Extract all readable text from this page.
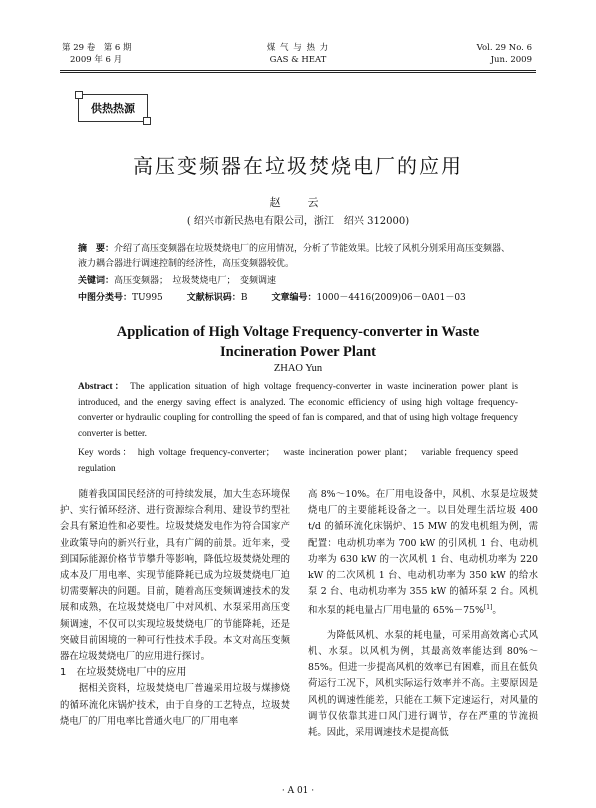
第 29 卷　第 6 期
2009 年 6 月
煤 气 与 热 力
GAS & HEAT
Vol. 29 No. 6
Jun. 2009
供热热源
高压变频器在垃圾焚烧电厂的应用
赵　云
( 绍兴市新民热电有限公司，浙江　绍兴 312000)
摘　要：介绍了高压变频器在垃圾焚烧电厂的应用情况，分析了节能效果。比较了风机分别采用高压变频器、液力耦合器进行调速控制的经济性，高压变频器较优。
关键词：高压变频器；　垃圾焚烧电厂；　变频调速
中图分类号：TU995	文献标识码：B	文章编号：1000－4416(2009)06－0A01－03
Application of High Voltage Frequency-converter in Waste
Incineration Power Plant
ZHAO Yun
Abstract： The application situation of high voltage frequency-converter in waste incineration power plant is introduced, and the energy saving effect is analyzed. The economic efficiency of using high voltage frequency-converter or hydraulic coupling for controlling the speed of fan is compared, and that of using high voltage frequency converter is better.
Key words： high voltage frequency-converter；　waste incineration power plant；　variable frequency speed regulation

随着我国国民经济的可持续发展，加大生态环境保护、实行循环经济、进行资源综合利用、建设节约型社会具有紧迫性和必要性。垃圾焚烧发电作为符合国家产业政策导向的新兴行业，具有广阔的前景。近年来，受到国际能源价格节节攀升等影响，降低垃圾焚烧处理的成本及厂用电率、实现节能降耗已成为垃圾焚烧电厂迫切需要解决的问题。目前，随着高压变频调速技术的发展和成熟，在垃圾焚烧电厂中对风机、水泵采用高压变频调速，不仅可以实现垃圾焚烧电厂的节能降耗，还是突破目前困境的一种可行性技术手段。本文对高压变频器在垃圾焚烧电厂的应用进行探讨。

1　在垃圾焚烧电厂中的应用

据相关资料，垃圾焚烧电厂普遍采用垃圾与煤掺烧的循环流化床锅炉技术，由于自身的工艺特点，垃圾焚烧电厂的厂用电率比普通火电厂的厂用电率

高 8%～10%。在厂用电设备中，风机、水泵是垃圾焚烧电厂的主要能耗设备之一。以目处理生活垃圾 400 t/d 的循环流化床锅炉、15 MW 的发电机组为例，需配置：电动机功率为 700 kW 的引风机 1 台、电动机功率为 630 kW 的一次风机 1 台、电动机功率为 220 kW 的二次风机 1 台、电动机功率为 350 kW 的给水泵 2 台、电动机功率为 355 kW 的循环泵 2 台。风机和水泵的耗电量占厂用电量的 65%－75%[1]。

为降低风机、水泵的耗电量，可采用高效离心式风机、水泵。以风机为例，其最高效率能达到 80%～85%。但进一步提高风机的效率已有困难，而且在低负荷运行工况下，风机实际运行效率并不高。主要原因是风机的调速性能差，只能在工频下定速运行，对风量的调节仅依靠其进口风门进行调节，存在严重的节流损耗。因此，采用调速技术是提高低

· A 01 ·
